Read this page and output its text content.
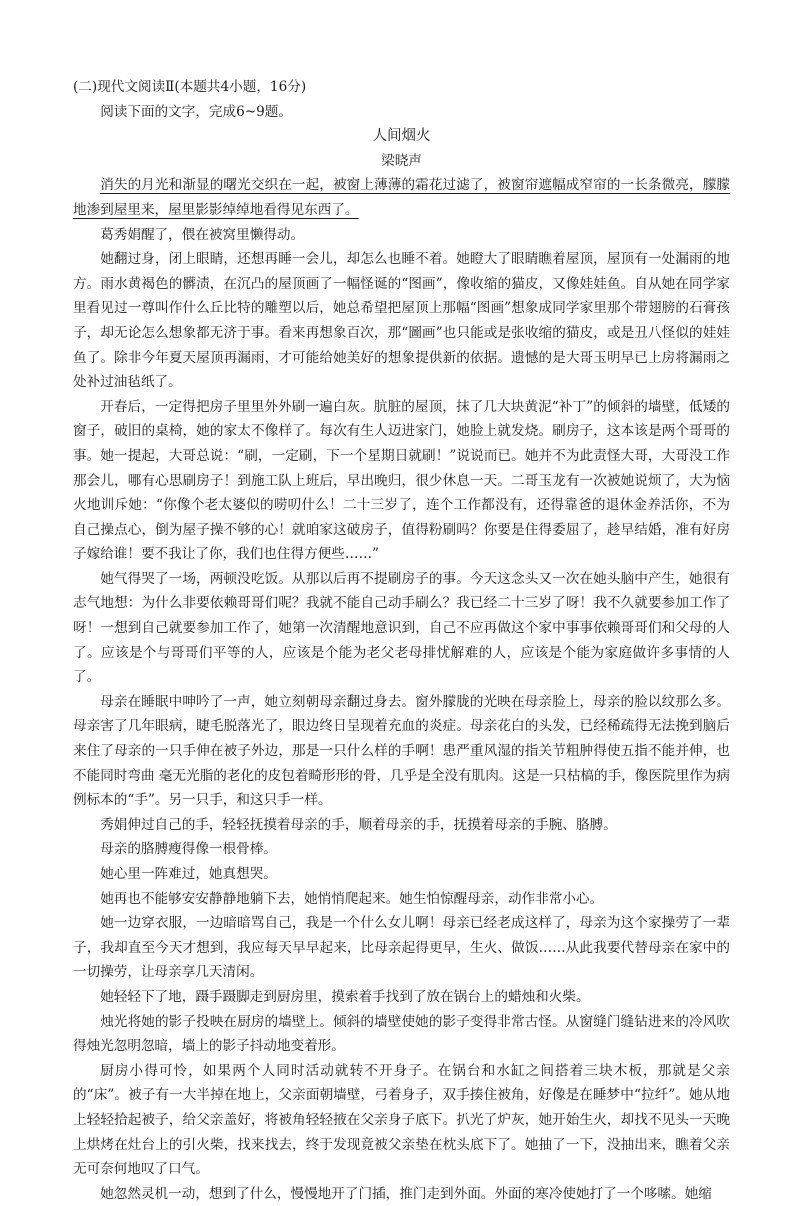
(二)现代文阅读Ⅱ(本题共4小题，16分)

阅读下面的文字，完成6~9题。

人间烟火

梁晓声

消失的月光和渐显的曙光交织在一起，被窗上薄薄的霜花过滤了，被窗帘遮幅成窄帘的一长条微亮，朦朦地渗到屋里来，屋里影影绰绰地看得见东西了。

葛秀娟醒了，偎在被窝里懒得动。

她翻过身，闭上眼睛，还想再睡一会儿，却怎么也睡不着。她瞪大了眼睛瞧着屋顶，屋顶有一处漏雨的地方。雨水黄褐色的髒渍，在沉凸的屋顶画了一幅怪诞的“图画”，像收缩的猫皮，又像娃娃鱼。自从她在同学家里看见过一尊叫作什么丘比特的雕塑以后，她总希望把屋顶上那幅“图画”想象成同学家里那个带翅膀的石膏孩子，却无论怎么想象都无济于事。看来再想象百次，那“圖画”也只能或是张收缩的猫皮，或是丑八怪似的娃娃鱼了。除非今年夏天屋顶再漏雨，才可能给她美好的想象提供新的依据。遗憾的是大哥玉明早已上房将漏雨之处补过油毡纸了。

开春后，一定得把房子里里外外刷一遍白灰。肮脏的屋顶，抹了几大块黄泥“补丁”的倾斜的墙壁，低矮的窗子，破旧的桌椅，她的家太不像样了。每次有生人迈进家门，她脸上就发烧。刷房子，这本该是两个哥哥的事。她一提起，大哥总说：“刷，一定刷，下一个星期日就刷！”说说而已。她并不为此责怪大哥，大哥没工作那会儿，哪有心思刷房子！到施工队上班后，早出晚归，很少休息一天。二哥玉龙有一次被她说烦了，大为恼火地训斥她：“你像个老太婆似的唠叨什么！二十三岁了，连个工作都没有，还得靠爸的退休金养活你，不为自己操点心，倒为屋子操不够的心！就咱家这破房子，值得粉刷吗？你要是住得委屈了，趁早结婚，准有好房子嫁给谁！要不我让了你，我们也住得方便些……”

她气得哭了一场，两顿没吃饭。从那以后再不提刷房子的事。今天这念头又一次在她头脑中产生，她很有志气地想：为什么非要依赖哥哥们呢？我就不能自己动手刷么？我已经二十三岁了呀！我不久就要参加工作了呀！一想到自己就要参加工作了，她第一次清醒地意识到，自己不应再做这个家中事事依赖哥哥们和父母的人了。应该是个与哥哥们平等的人，应该是个能为老父老母排忧解难的人，应该是个能为家庭做许多事情的人了。

母亲在睡眠中呻吟了一声，她立刻朝母亲翻过身去。窗外朦胧的光映在母亲脸上，母亲的脸以纹那么多。母亲害了几年眼病，睫毛脱落光了，眼边终日呈现着充血的炎症。母亲花白的头发，已经稀疏得无法挽到脑后来住了母亲的一只手伸在被子外边，那是一只什么样的手啊！患严重风湿的指关节粗肿得使五指不能并伸，也不能同时弯曲 毫无光脂的老化的皮包着畸形形的骨，几乎是全没有肌肉。这是一只枯槁的手，像医院里作为病例标本的“手”。另一只手，和这只手一样。

秀娟伸过自己的手，轻轻抚摸着母亲的手，顺着母亲的手，抚摸着母亲的手腕、胳膊。

母亲的胳膊瘦得像一根骨棒。

她心里一阵难过，她真想哭。

她再也不能够安安静静地躺下去，她悄悄爬起来。她生怕惊醒母亲，动作非常小心。

她一边穿衣服，一边暗暗骂自己，我是一个什么女儿啊！母亲已经老成这样了，母亲为这个家操劳了一辈子，我却直至今天才想到，我应每天早早起来，比母亲起得更早，生火、做饭……从此我要代替母亲在家中的一切操劳，让母亲享几天清闲。

她轻轻下了地，蹑手蹑脚走到厨房里，摸索着手找到了放在锅台上的蜡烛和火柴。

烛光将她的影子投映在厨房的墙壁上。倾斜的墙壁使她的影子变得非常古怪。从窗缝门缝钻进来的冷风吹得烛光忽明忽暗，墙上的影子抖动地变着形。

厨房小得可怜，如果两个人同时活动就转不开身子。在锅台和水缸之间搭着三块木板，那就是父亲的“床”。被子有一大半掉在地上，父亲面朝墙壁，弓着身子，双手揍住被角，好像是在睡梦中“拉纤”。她从地上轻轻拾起被子，给父亲盖好，将被角轻轻掖在父亲身子底下。扒光了炉灰，她开始生火，却找不见头一天晚上烘烤在灶台上的引火柴，找来找去，终于发现竟被父亲垫在枕头底下了。她抽了一下，没抽出来，瞧着父亲无可奈何地叹了口气。

她忽然灵机一动，想到了什么，慢慢地开了门插，推门走到外面。外面的寒冷使她打了一个哆嗦。她缩
